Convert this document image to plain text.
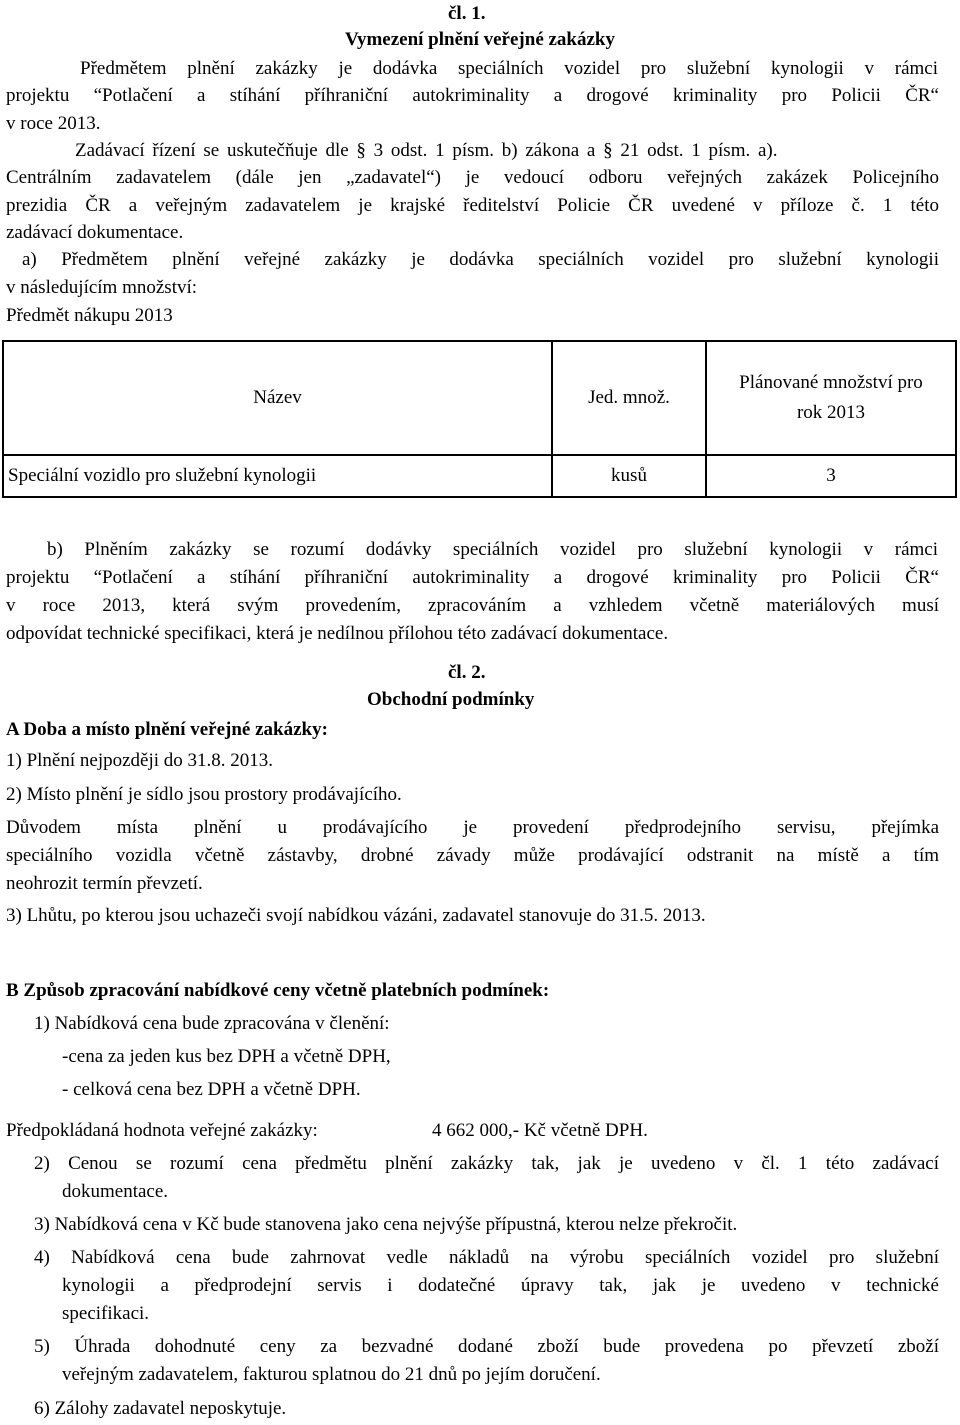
čl. 1.
Vymezení plnění veřejné zakázky
Předmětem plnění zakázky je dodávka speciálních vozidel pro služební kynologii v rámci
projektu “Potlačení a stíhání příhraniční autokriminality a drogové kriminality pro Policii ČR“
v roce 2013.
Zadávací řízení se uskutečňuje dle § 3 odst. 1 písm. b) zákona a § 21 odst. 1 písm. a).
Centrálním zadavatelem (dále jen „zadavatel“) je vedoucí odboru veřejných zakázek Policejního
prezidia ČR a veřejným zadavatelem je krajské ředitelství Policie ČR uvedené v příloze č. 1 této
zadávací dokumentace.
a) Předmětem plnění veřejné zakázky je dodávka speciálních vozidel pro služební kynologii
v následujícím množství:
Předmět nákupu 2013
Název	Jed. množ.	Plánované množství pro
rok 2013
Speciální vozidlo pro služební kynologii	kusů	3
b) Plněním zakázky se rozumí dodávky speciálních vozidel pro služební kynologii v rámci
projektu “Potlačení a stíhání příhraniční autokriminality a drogové kriminality pro Policii ČR“
v roce 2013, která svým provedením, zpracováním a vzhledem včetně materiálových musí
odpovídat technické specifikaci, která je nedílnou přílohou této zadávací dokumentace.
čl. 2.
Obchodní podmínky
A Doba a místo plnění veřejné zakázky:
1) Plnění nejpozději do 31.8. 2013.
2) Místo plnění je sídlo jsou prostory prodávajícího.
Důvodem místa plnění u prodávajícího je provedení předprodejního servisu, přejímka
speciálního vozidla včetně zástavby, drobné závady může prodávající odstranit na místě a tím
neohrozit termín převzetí.
3) Lhůtu, po kterou jsou uchazeči svojí nabídkou vázáni, zadavatel stanovuje do 31.5. 2013.
B Způsob zpracování nabídkové ceny včetně platebních podmínek:
1) Nabídková cena bude zpracována v členění:
-cena za jeden kus bez DPH a včetně DPH,
- celková cena bez DPH a včetně DPH.
Předpokládaná hodnota veřejné zakázky:	4 662 000,- Kč včetně DPH.
2) Cenou se rozumí cena předmětu plnění zakázky tak, jak je uvedeno v čl. 1 této zadávací
dokumentace.
3) Nabídková cena v Kč bude stanovena jako cena nejvýše přípustná, kterou nelze překročit.
4) Nabídková cena bude zahrnovat vedle nákladů na výrobu speciálních vozidel pro služební
kynologii a předprodejní servis i dodatečné úpravy tak, jak je uvedeno v technické
specifikaci.
5) Úhrada dohodnuté ceny za bezvadné dodané zboží bude provedena po převzetí zboží
veřejným zadavatelem, fakturou splatnou do 21 dnů po jejím doručení.
6) Zálohy zadavatel neposkytuje.
